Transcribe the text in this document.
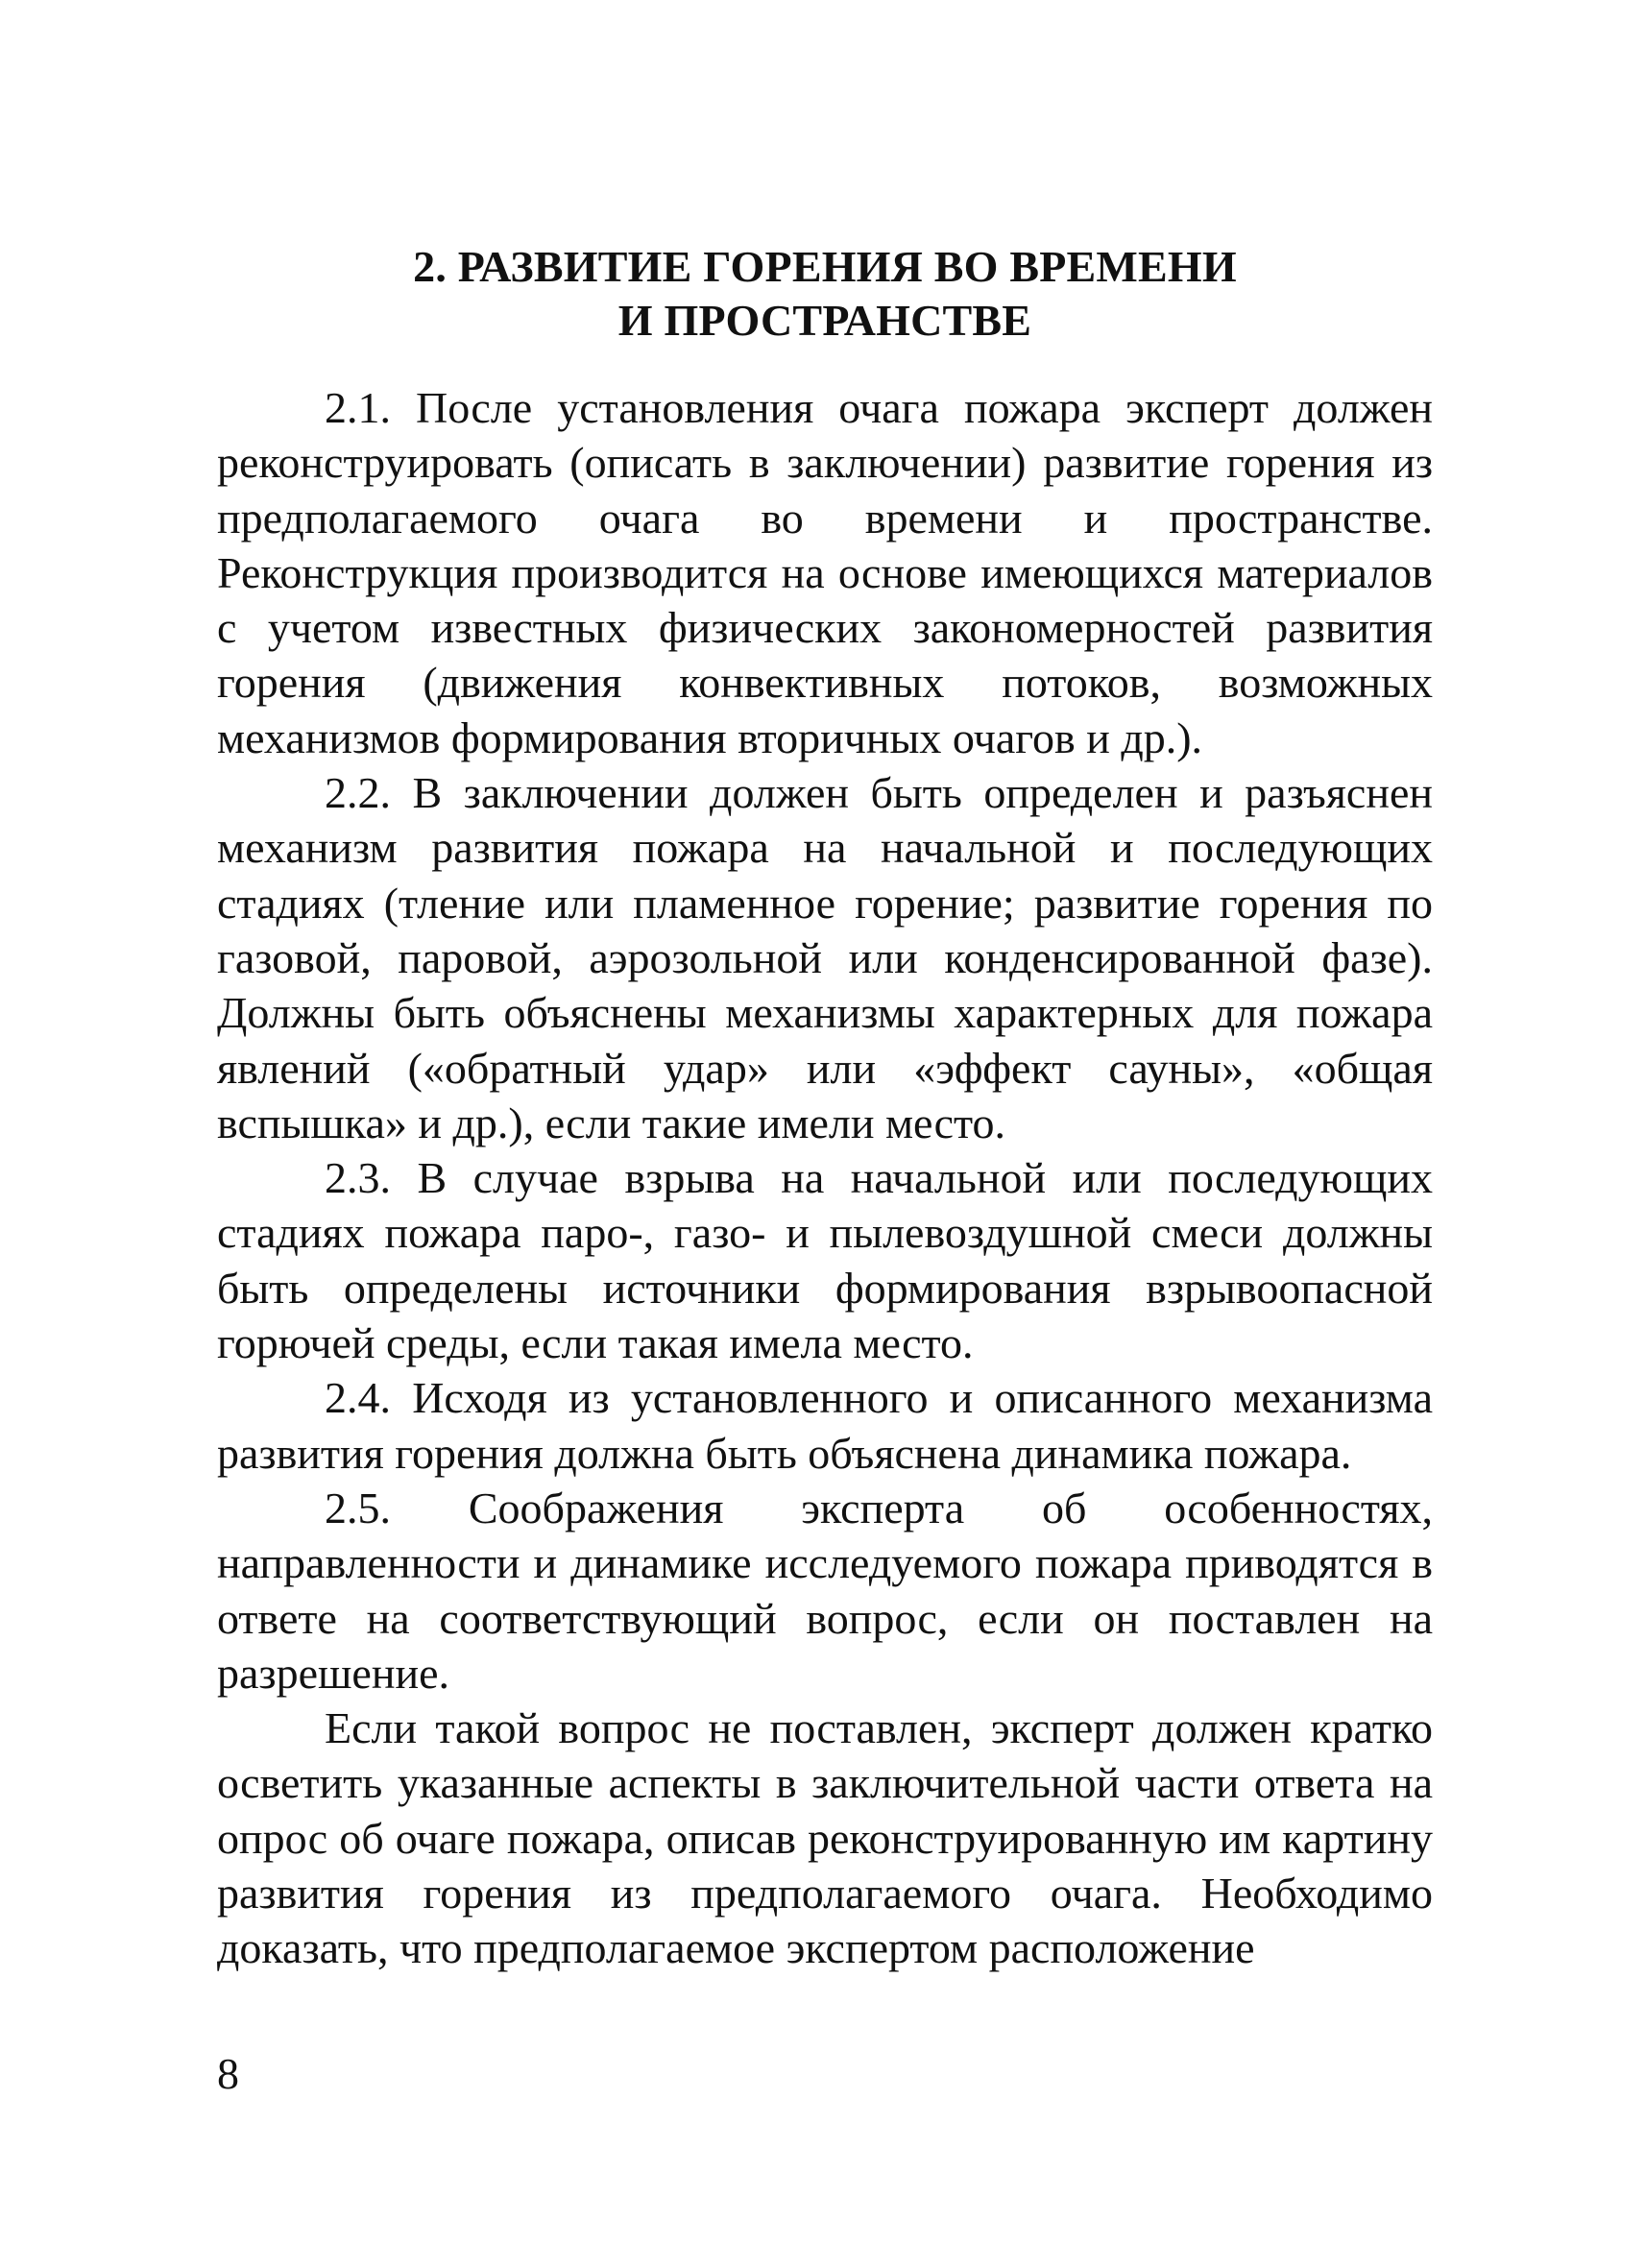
2. РАЗВИТИЕ ГОРЕНИЯ ВО ВРЕМЕНИ
И ПРОСТРАНСТВЕ

2.1. После установления очага пожара эксперт должен реконструировать (описать в заключении) развитие горения из предполагаемого очага во времени и пространстве. Реконструкция производится на основе имеющихся материалов с учетом известных физических закономерностей развития горения (движения конвективных потоков, возможных механизмов формирования вторичных очагов и др.).

2.2. В заключении должен быть определен и разъяснен механизм развития пожара на начальной и последующих стадиях (тление или пламенное горение; развитие горения по газовой, паровой, аэрозольной или конденсированной фазе). Должны быть объяснены механизмы характерных для пожара явлений («обратный удар» или «эффект сауны», «общая вспышка» и др.), если такие имели место.

2.3. В случае взрыва на начальной или последующих стадиях пожара паро-, газо- и пылевоздушной смеси должны быть определены источники формирования взрывоопасной горючей среды, если такая имела место.

2.4. Исходя из установленного и описанного механизма развития горения должна быть объяснена динамика пожара.

2.5. Соображения эксперта об особенностях, направленности и динамике исследуемого пожара приводятся в ответе на соответствующий вопрос, если он поставлен на разрешение.

Если такой вопрос не поставлен, эксперт должен кратко осветить указанные аспекты в заключительной части ответа на опрос об очаге пожара, описав реконструированную им картину развития горения из предполагаемого очага. Необходимо доказать, что предполагаемое экспертом расположение

8
